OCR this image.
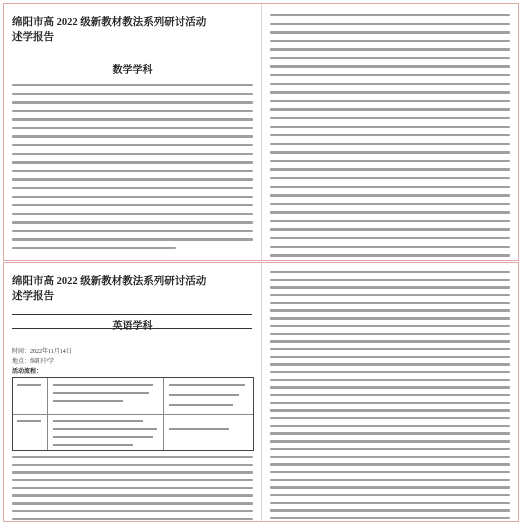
绵阳市高 2022 级新教材教法系列研讨活动
述学报告
数学学科
绵阳市高 2022 级新教材教法系列研讨活动
述学报告
英语学科
时间：2022年11月14日
地点：绵阳中学
活动流程：
